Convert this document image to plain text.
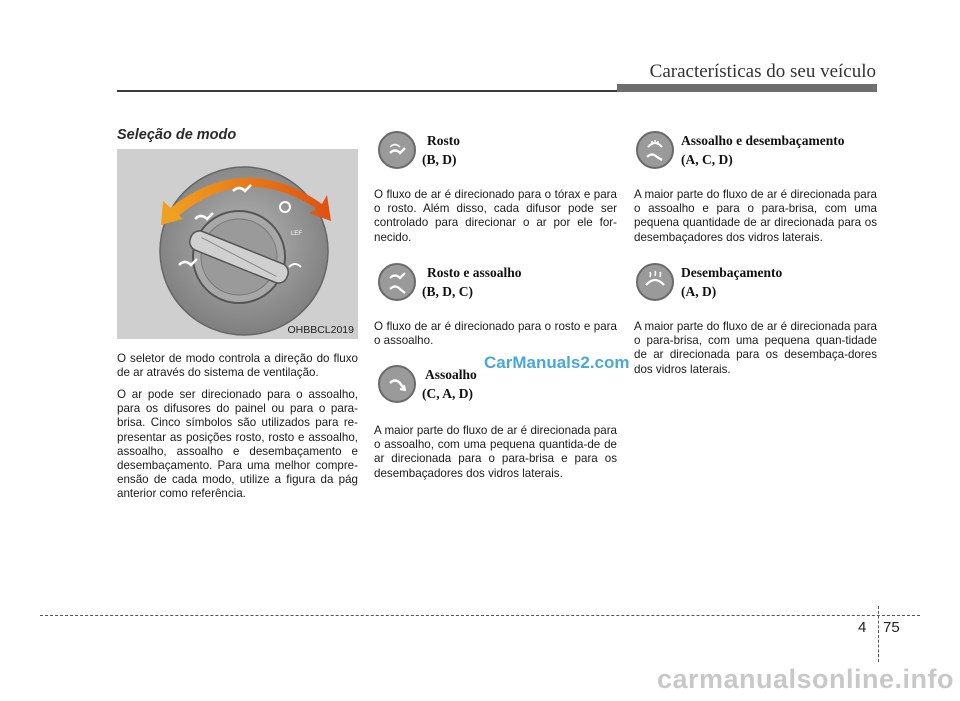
Características do seu veículo
Seleção de modo
LEF
OHBBCL2019
O seletor de modo controla a direção do fluxo de ar através do sistema de ventilação.
O ar pode ser direcionado para o assoalho, para os difusores do painel ou para o para-brisa. Cinco símbolos são utilizados para re-presentar as posições rosto, rosto e assoalho, assoalho, assoalho e desembaçamento e desembaçamento. Para uma melhor compre-ensão de cada modo, utilize a figura da pág anterior como referência.
Rosto
(B, D)
O fluxo de ar é direcionado para o tórax e para o rosto. Além disso, cada difusor pode ser controlado para direcionar o ar por ele for-necido.
Rosto e assoalho
(B, D, C)
O fluxo de ar é direcionado para o rosto e para o assoalho.
Assoalho
(C, A, D)
A maior parte do fluxo de ar é direcionada para o assoalho, com uma pequena quantida-de de ar direcionada para o para-brisa e para os desembaçadores dos vidros laterais.
Assoalho e desembaçamento
(A, C, D)
A maior parte do fluxo de ar é direcionada para o assoalho e para o para-brisa, com uma pequena quantidade de ar direcionada para os desembaçadores dos vidros laterais.
Desembaçamento
(A, D)
A maior parte do fluxo de ar é direcionada para o para-brisa, com uma pequena quan-tidade de ar direcionada para os desembaça-dores dos vidros laterais.
CarManuals2.com
4 75
carmanualsonline.info
